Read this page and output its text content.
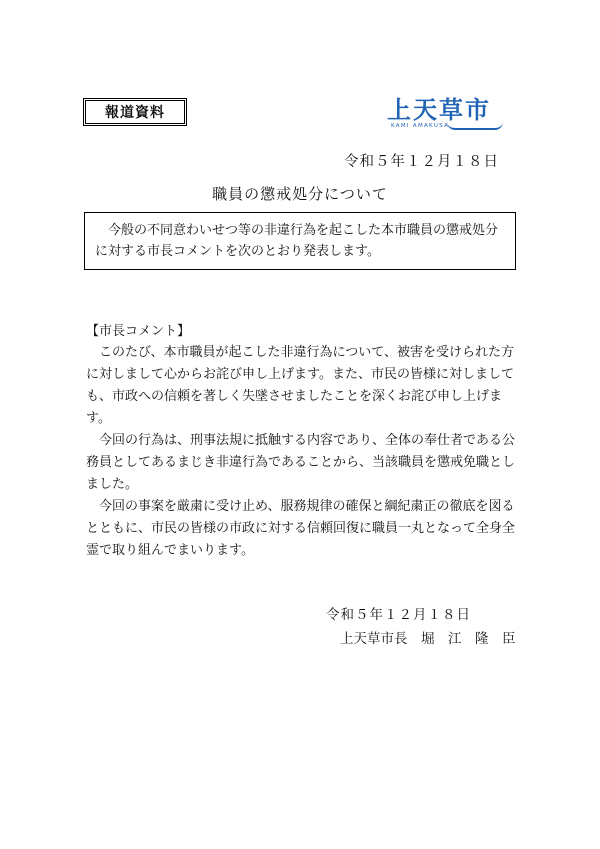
報道資料	上天草市
KAMI AMAKUSA
令和５年１２月１８日
職員の懲戒処分について

今般の不同意わいせつ等の非違行為を起こした本市職員の懲戒処分に対する市長コメントを次のとおり発表します。

【市長コメント】

このたび、本市職員が起こした非違行為について、被害を受けられた方に対しまして心からお詫び申し上げます。また、市民の皆様に対しましても、市政への信頼を著しく失墜させましたことを深くお詫び申し上げます。

今回の行為は、刑事法規に抵触する内容であり、全体の奉仕者である公務員としてあるまじき非違行為であることから、当該職員を懲戒免職としました。

今回の事案を厳粛に受け止め、服務規律の確保と綱紀粛正の徹底を図るとともに、市民の皆様の市政に対する信頼回復に職員一丸となって全身全霊で取り組んでまいります。

令和５年１２月１８日
上天草市長　堀　江　隆　臣
